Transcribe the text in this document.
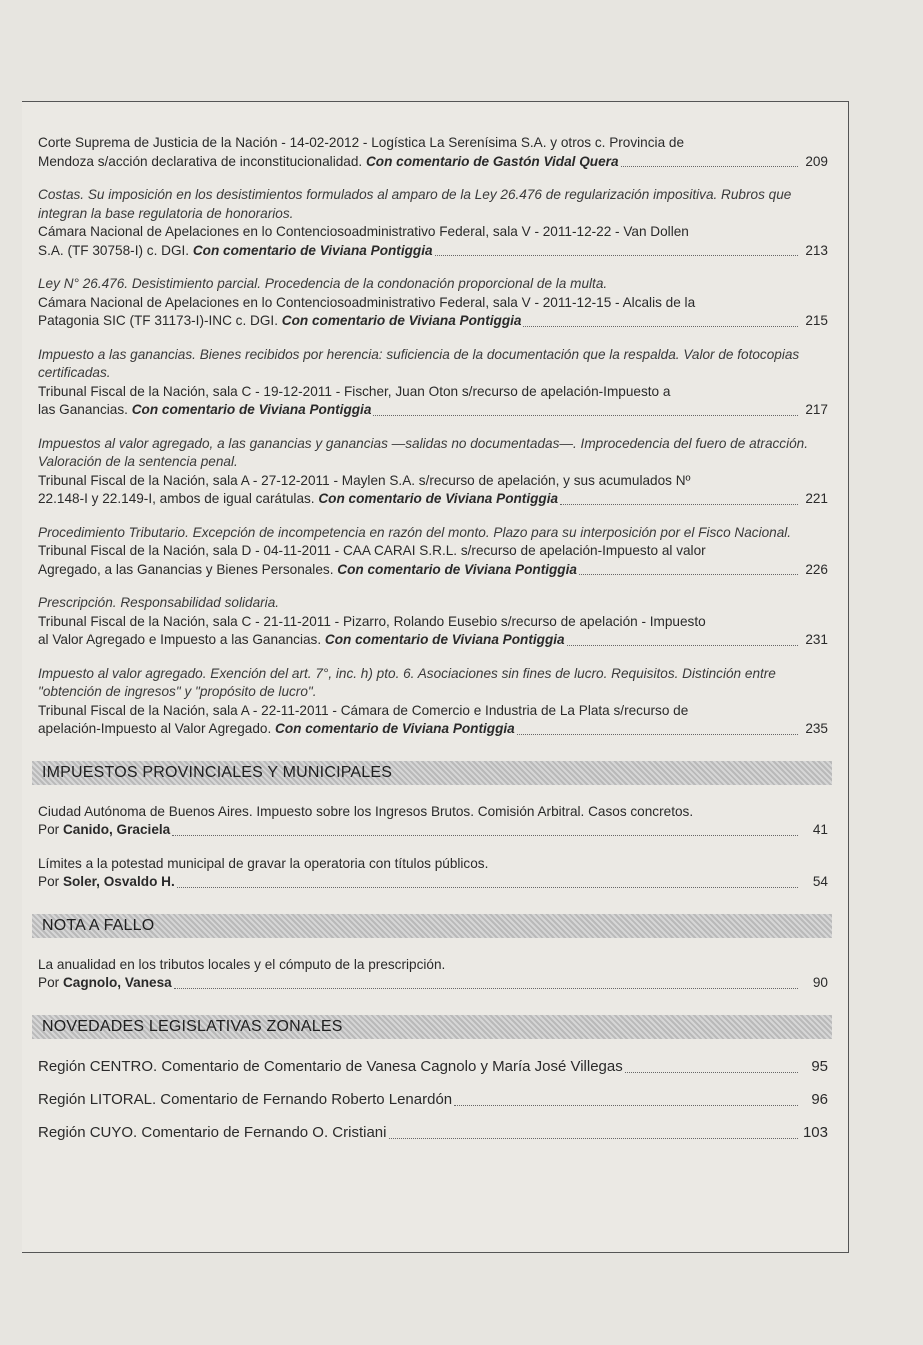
Corte Suprema de Justicia de la Nación - 14-02-2012 - Logística La Serenísima S.A. y otros c. Provincia de
Mendoza s/acción declarativa de inconstitucionalidad. Con comentario de Gastón Vidal Quera	209
Costas. Su imposición en los desistimientos formulados al amparo de la Ley 26.476 de regularización impositiva. Rubros que integran la base regulatoria de honorarios.
Cámara Nacional de Apelaciones en lo Contenciosoadministrativo Federal, sala V - 2011-12-22 - Van Dollen
S.A. (TF 30758-I) c. DGI. Con comentario de Viviana Pontiggia	213
Ley N° 26.476. Desistimiento parcial. Procedencia de la condonación proporcional de la multa.
Cámara Nacional de Apelaciones en lo Contenciosoadministrativo Federal, sala V - 2011-12-15 - Alcalis de la
Patagonia SIC (TF 31173-I)-INC c. DGI. Con comentario de Viviana Pontiggia	215
Impuesto a las ganancias. Bienes recibidos por herencia: suficiencia de la documentación que la respalda. Valor de fotocopias certificadas.
Tribunal Fiscal de la Nación, sala C - 19-12-2011 - Fischer, Juan Oton s/recurso de apelación-Impuesto a
las Ganancias. Con comentario de Viviana Pontiggia	217
Impuestos al valor agregado, a las ganancias y ganancias —salidas no documentadas—. Improcedencia del fuero de atracción. Valoración de la sentencia penal.
Tribunal Fiscal de la Nación, sala A - 27-12-2011 - Maylen S.A. s/recurso de apelación, y sus acumulados Nº
22.148-I y 22.149-I, ambos de igual carátulas. Con comentario de Viviana Pontiggia	221
Procedimiento Tributario. Excepción de incompetencia en razón del monto. Plazo para su interposición por el Fisco Nacional.
Tribunal Fiscal de la Nación, sala D - 04-11-2011 - CAA CARAI S.R.L. s/recurso de apelación-Impuesto al valor
Agregado, a las Ganancias y Bienes Personales. Con comentario de Viviana Pontiggia	226
Prescripción. Responsabilidad solidaria.
Tribunal Fiscal de la Nación, sala C - 21-11-2011 - Pizarro, Rolando Eusebio s/recurso de apelación - Impuesto
al Valor Agregado e Impuesto a las Ganancias. Con comentario de Viviana Pontiggia	231
Impuesto al valor agregado. Exención del art. 7°, inc. h) pto. 6. Asociaciones sin fines de lucro. Requisitos. Distinción entre "obtención de ingresos" y "propósito de lucro".
Tribunal Fiscal de la Nación, sala A - 22-11-2011 - Cámara de Comercio e Industria de La Plata s/recurso de
apelación-Impuesto al Valor Agregado. Con comentario de Viviana Pontiggia	235
IMPUESTOS PROVINCIALES Y MUNICIPALES
Ciudad Autónoma de Buenos Aires. Impuesto sobre los Ingresos Brutos. Comisión Arbitral. Casos concretos.
Por Canido, Graciela	41
Límites a la potestad municipal de gravar la operatoria con títulos públicos.
Por Soler, Osvaldo H.	54
NOTA A FALLO
La anualidad en los tributos locales y el cómputo de la prescripción.
Por Cagnolo, Vanesa	90
NOVEDADES LEGISLATIVAS ZONALES
Región CENTRO. Comentario de Comentario de Vanesa Cagnolo y María José Villegas	95
Región LITORAL. Comentario de Fernando Roberto Lenardón	96
Región CUYO. Comentario de Fernando O. Cristiani	103
